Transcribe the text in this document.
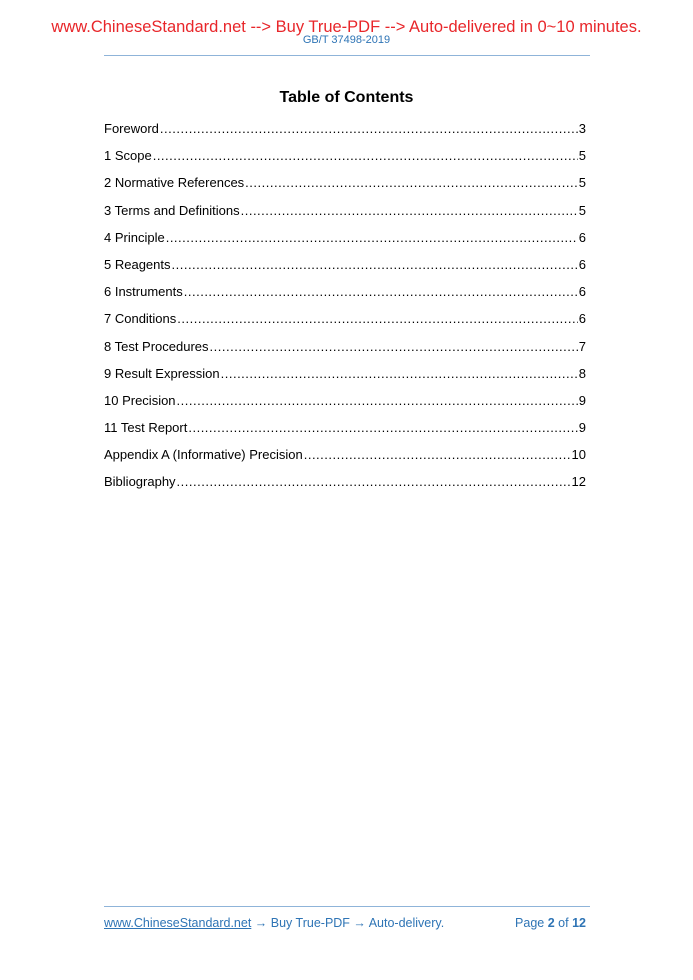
www.ChineseStandard.net --> Buy True-PDF --> Auto-delivered in 0~10 minutes.
GB/T 37498-2019
Table of Contents
Foreword .....	3
1 Scope .....	5
2 Normative References .....	5
3 Terms and Definitions .....	5
4 Principle .....	6
5 Reagents .....	6
6 Instruments .....	6
7 Conditions .....	6
8 Test Procedures .....	7
9 Result Expression .....	8
10 Precision .....	9
11 Test Report .....	9
Appendix A (Informative) Precision .....	10
Bibliography .....	12
www.ChineseStandard.net → Buy True-PDF → Auto-delivery.	Page 2 of 12
